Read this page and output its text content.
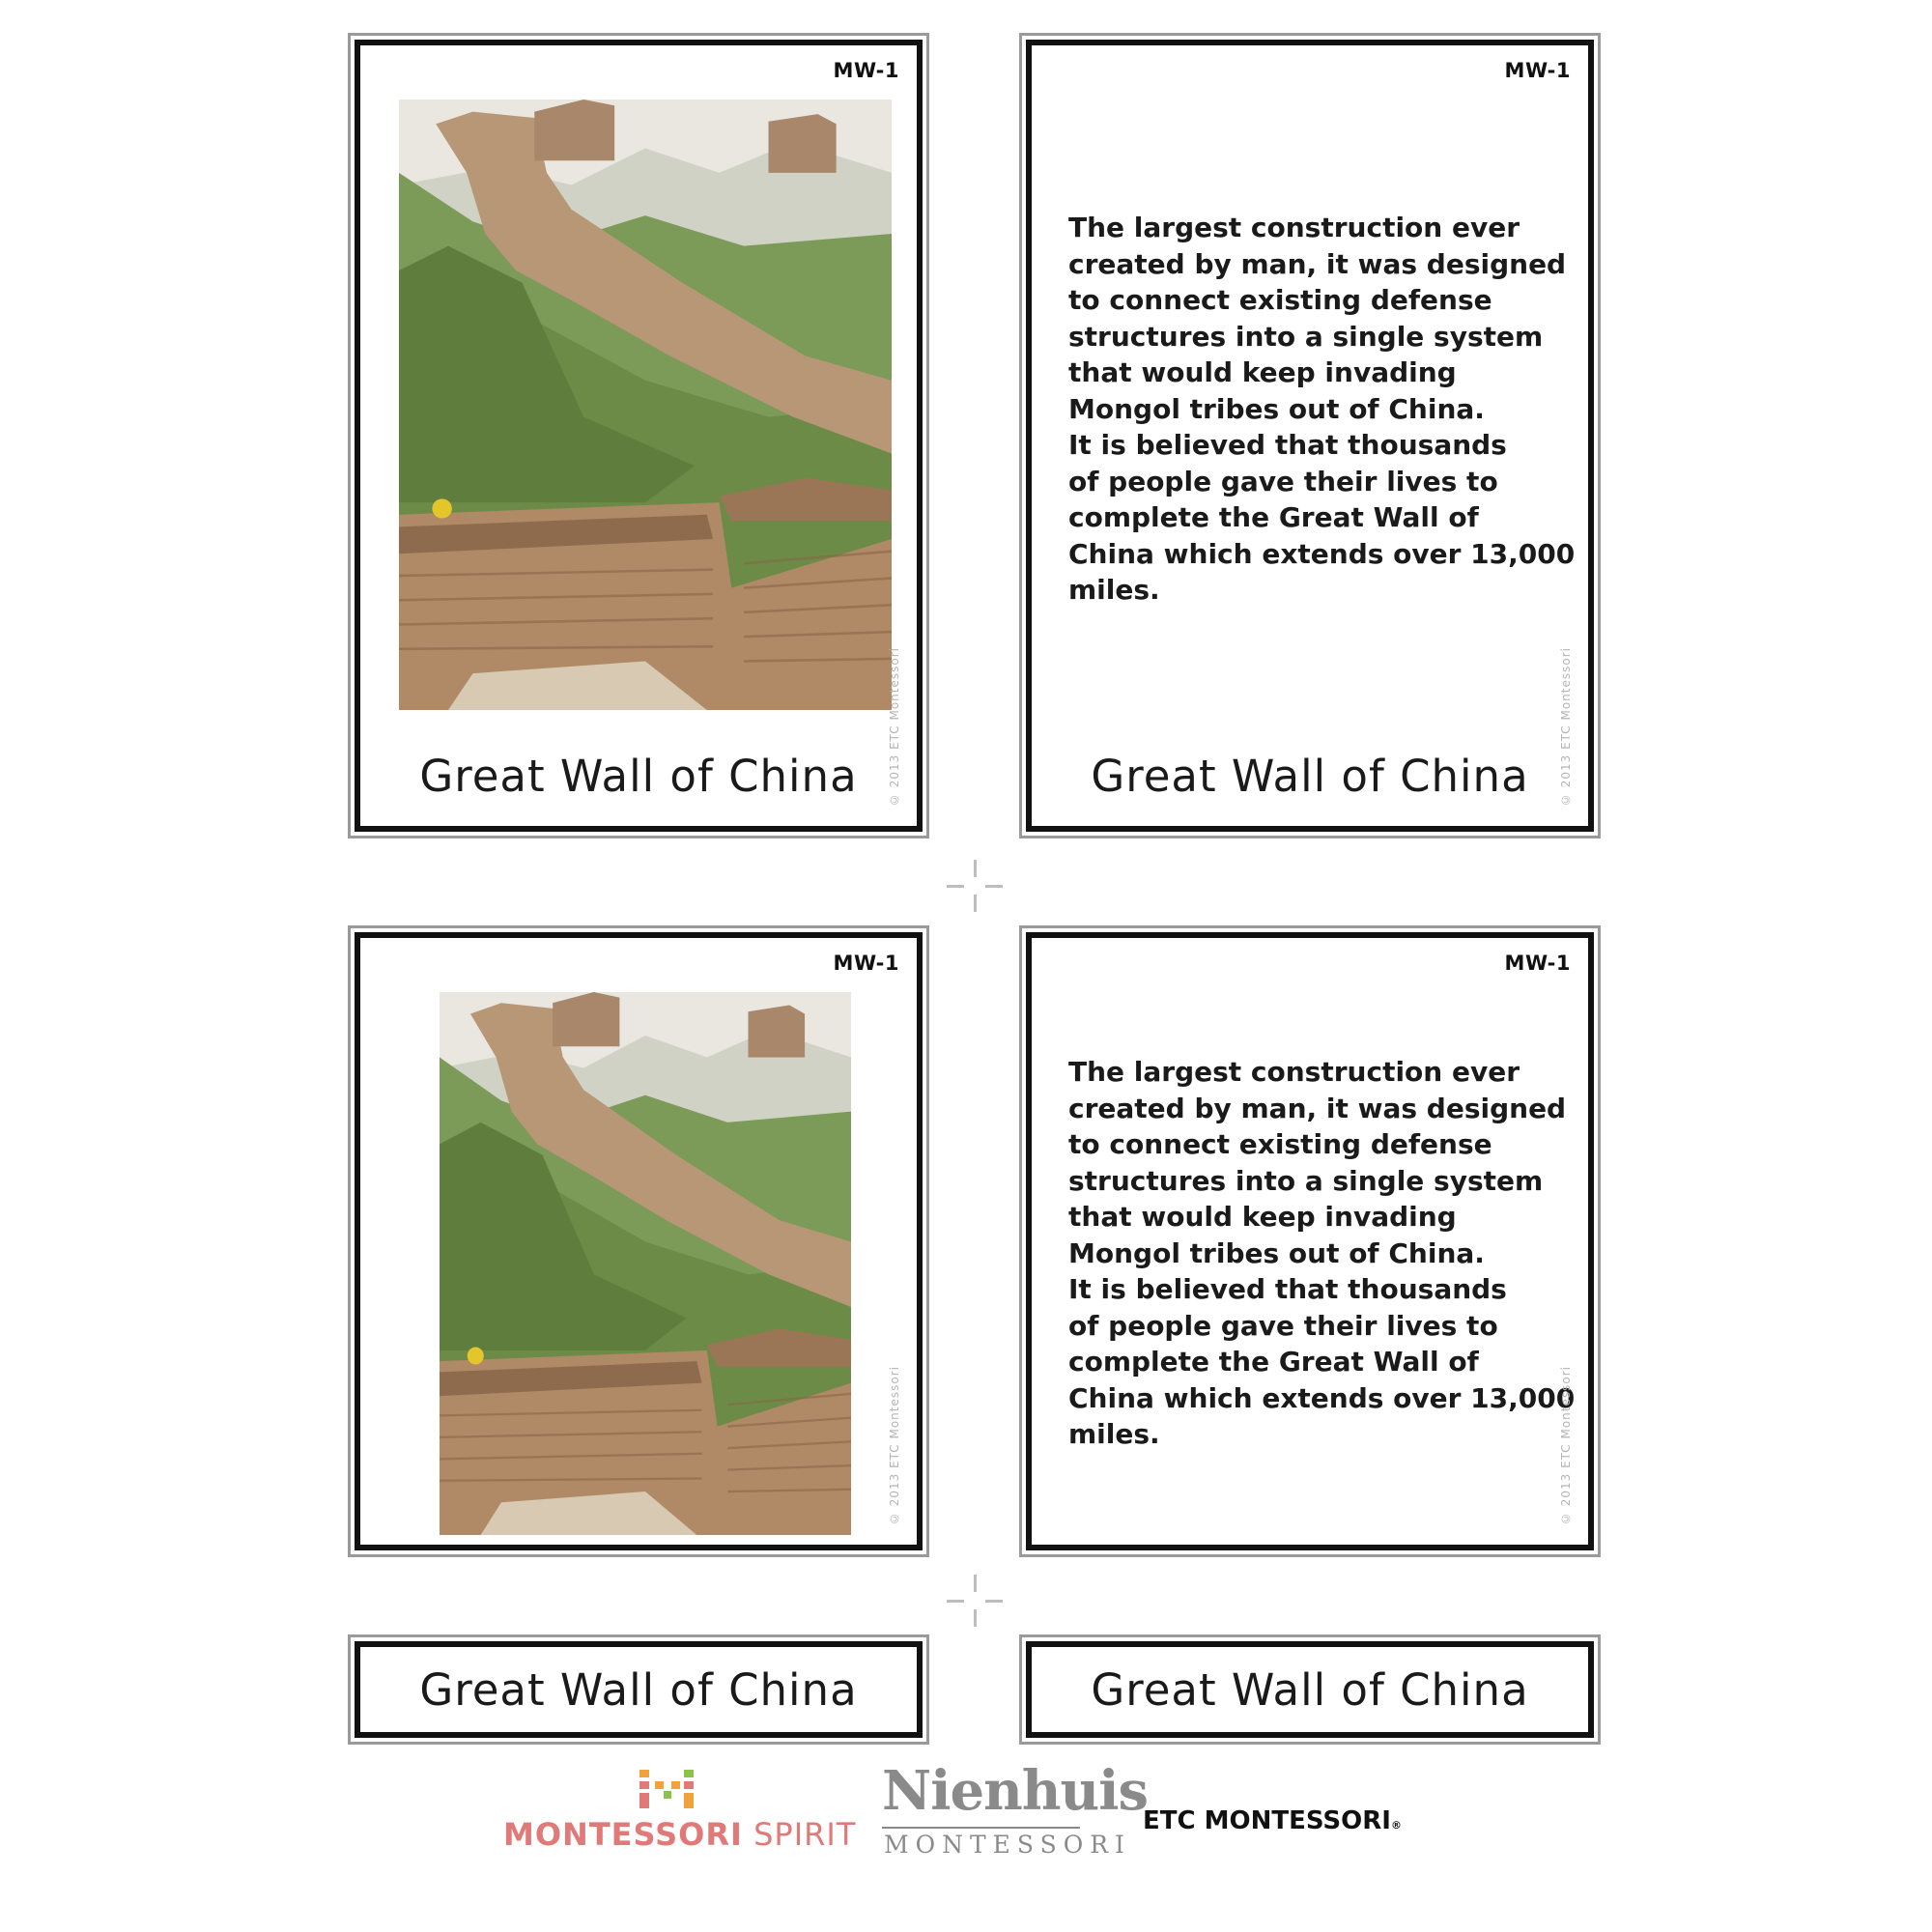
MW-1
Great Wall of China	© 2013 ETC Montessori
MW-1
The largest construction ever
created by man, it was designed
to connect existing defense
structures into a single system
that would keep invading
Mongol tribes out of China.
It is believed that thousands
of people gave their lives to
complete the Great Wall of
China which extends over 13,000
miles.
Great Wall of China	© 2013 ETC Montessori
MW-1
© 2013 ETC Montessori
MW-1
The largest construction ever
created by man, it was designed
to connect existing defense
structures into a single system
that would keep invading
Mongol tribes out of China.
It is believed that thousands
of people gave their lives to
complete the Great Wall of
China which extends over 13,000
miles.	© 2013 ETC Montessori
Great Wall of China	Great Wall of China
MONTESSORI SPIRIT
Nienhuis
MONTESSORI
ETC MONTESSORI®
